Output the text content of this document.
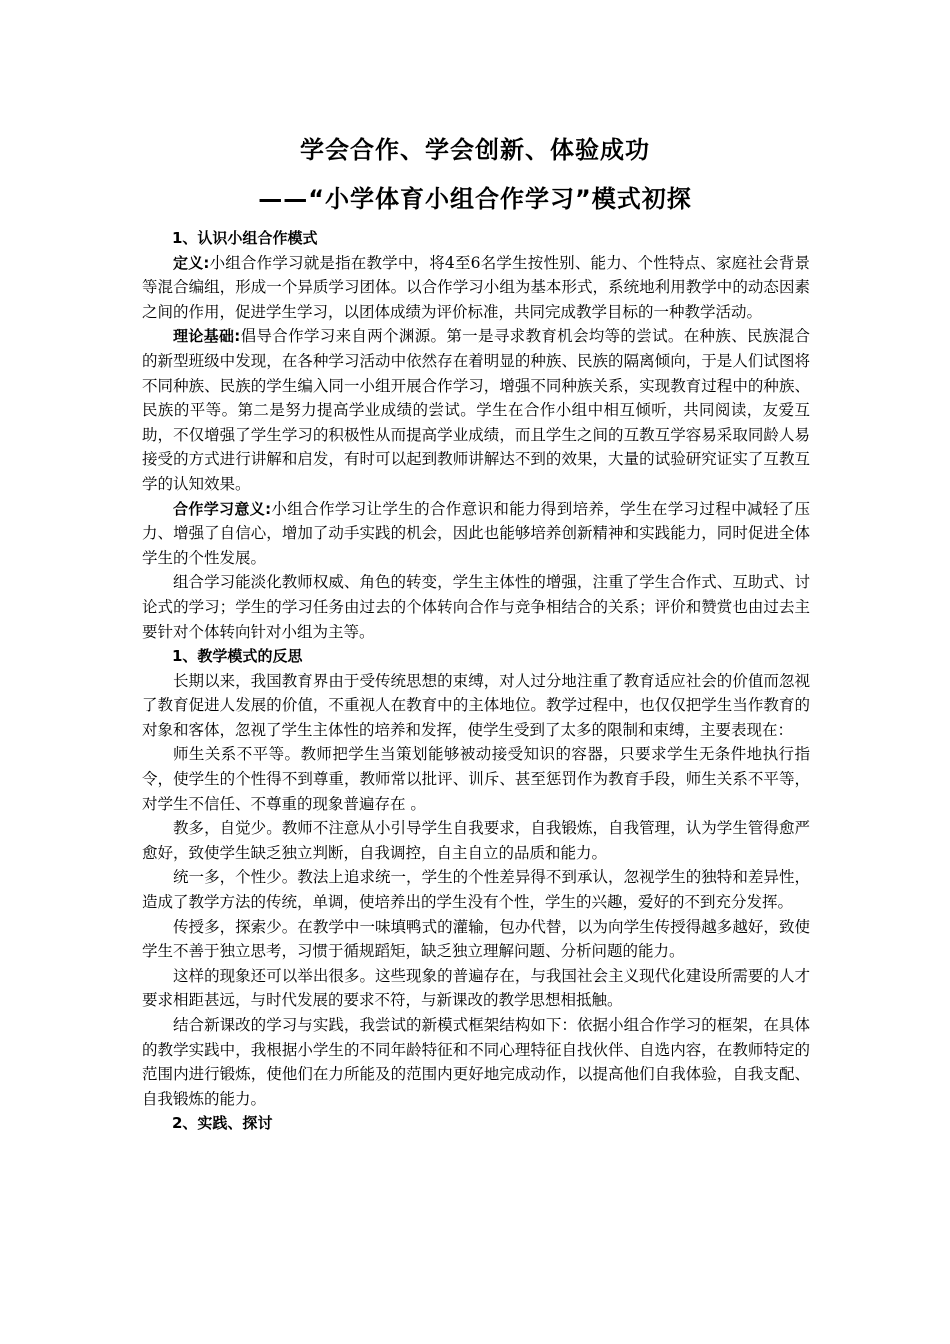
学会合作、学会创新、体验成功
——“小学体育小组合作学习”模式初探

1、认识小组合作模式

定义:小组合作学习就是指在教学中，将4至6名学生按性别、能力、个性特点、家庭社会背景等混合编组，形成一个异质学习团体。以合作学习小组为基本形式，系统地利用教学中的动态因素之间的作用，促进学生学习，以团体成绩为评价标准，共同完成教学目标的一种教学活动。

理论基础:倡导合作学习来自两个渊源。第一是寻求教育机会均等的尝试。在种族、民族混合的新型班级中发现，在各种学习活动中依然存在着明显的种族、民族的隔离倾向，于是人们试图将不同种族、民族的学生编入同一小组开展合作学习，增强不同种族关系，实现教育过程中的种族、民族的平等。第二是努力提高学业成绩的尝试。学生在合作小组中相互倾听，共同阅读，友爱互助，不仅增强了学生学习的积极性从而提高学业成绩，而且学生之间的互教互学容易采取同龄人易接受的方式进行讲解和启发，有时可以起到教师讲解达不到的效果，大量的试验研究证实了互教互学的认知效果。

合作学习意义:小组合作学习让学生的合作意识和能力得到培养，学生在学习过程中减轻了压力、增强了自信心，增加了动手实践的机会，因此也能够培养创新精神和实践能力，同时促进全体学生的个性发展。

组合学习能淡化教师权威、角色的转变，学生主体性的增强，注重了学生合作式、互助式、讨论式的学习；学生的学习任务由过去的个体转向合作与竞争相结合的关系；评价和赞赏也由过去主要针对个体转向针对小组为主等。

1、教学模式的反思

长期以来，我国教育界由于受传统思想的束缚，对人过分地注重了教育适应社会的价值而忽视了教育促进人发展的价值，不重视人在教育中的主体地位。教学过程中，也仅仅把学生当作教育的对象和客体，忽视了学生主体性的培养和发挥，使学生受到了太多的限制和束缚，主要表现在：

师生关系不平等。教师把学生当策划能够被动接受知识的容器，只要求学生无条件地执行指令，使学生的个性得不到尊重，教师常以批评、训斥、甚至惩罚作为教育手段，师生关系不平等，对学生不信任、不尊重的现象普遍存在 。

教多，自觉少。教师不注意从小引导学生自我要求，自我锻炼，自我管理，认为学生管得愈严愈好，致使学生缺乏独立判断，自我调控，自主自立的品质和能力。

统一多，个性少。教法上追求统一，学生的个性差异得不到承认，忽视学生的独特和差异性，造成了教学方法的传统，单调，使培养出的学生没有个性，学生的兴趣，爱好的不到充分发挥。

传授多，探索少。在教学中一味填鸭式的灌输，包办代替，以为向学生传授得越多越好，致使学生不善于独立思考，习惯于循规蹈矩，缺乏独立理解问题、分析问题的能力。

这样的现象还可以举出很多。这些现象的普遍存在，与我国社会主义现代化建设所需要的人才要求相距甚远，与时代发展的要求不符，与新课改的教学思想相抵触。

结合新课改的学习与实践，我尝试的新模式框架结构如下：依据小组合作学习的框架，在具体的教学实践中，我根据小学生的不同年龄特征和不同心理特征自找伙伴、自选内容，在教师特定的范围内进行锻炼，使他们在力所能及的范围内更好地完成动作，以提高他们自我体验，自我支配、自我锻炼的能力。

2、实践、探讨
